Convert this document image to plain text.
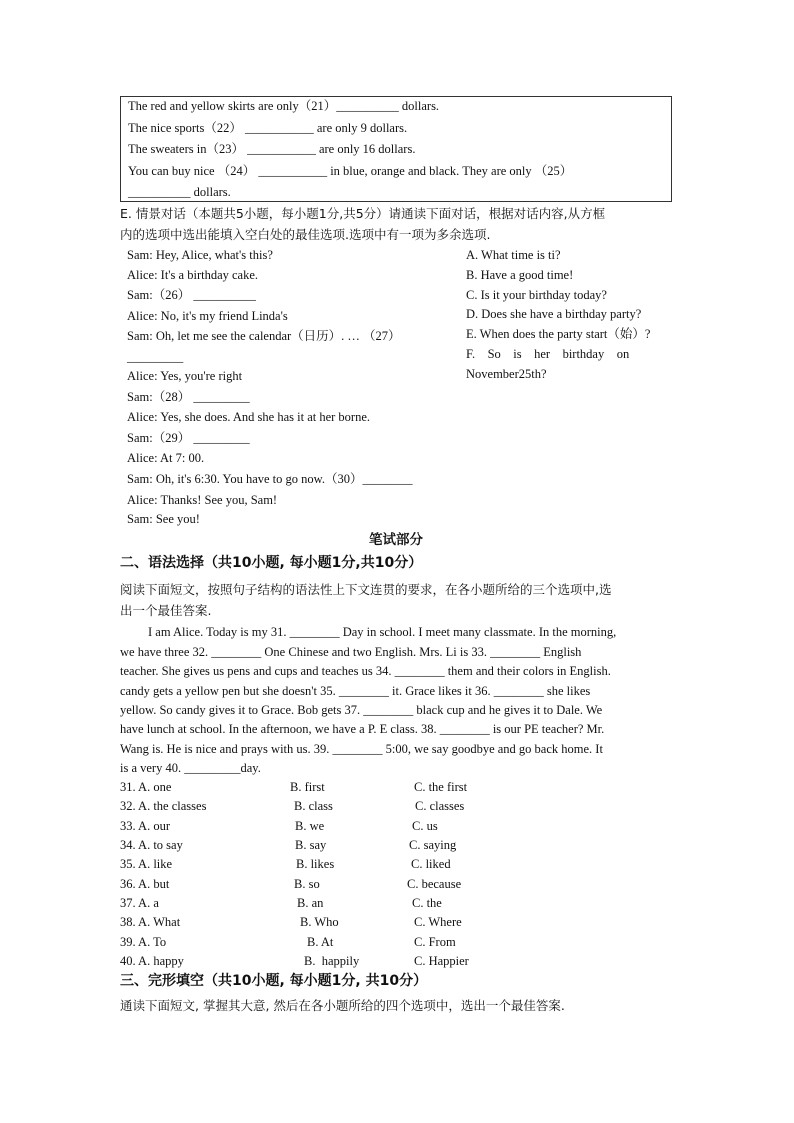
The red and yellow skirts are only（21）__________ dollars.
The nice sports（22） ___________ are only 9 dollars.
The sweaters in（23） ___________ are only 16 dollars.
You can buy nice （24） ___________ in blue, orange and black. They are only （25）
__________ dollars.
E. 情景对话（本题共5小题，每小题1分,共5分）请通读下面对话，根据对话内容,从方框
内的选项中选出能填入空白处的最佳选项.选项中有一项为多余选项.
Sam: Hey, Alice, what's this?
Alice: It's a birthday cake.
Sam:（26） __________
Alice: No, it's my friend Linda's
Sam: Oh, let me see the calendar（日历）. … （27）
_________
Alice: Yes, you're right
Sam:（28） _________
Alice: Yes, she does. And she has it at her borne.
Sam:（29） _________
Alice: At 7: 00.
Sam: Oh, it's 6:30. You have to go now.（30）________
Alice: Thanks! See you, Sam!
Sam: See you!
A. What time is ti?
B. Have a good time!
C. Is it your birthday today?
D. Does she have a birthday party?
E. When does the party start（始）?
F.    So    is    her    birthday    on
November25th?
笔试部分
二、语法选择（共10小题, 每小题1分,共10分）
阅读下面短文，按照句子结构的语法性上下文连贯的要求，在各小题所给的三个选项中,选
出一个最佳答案.
I am Alice. Today is my 31. ________ Day in school. I meet many classmate. In the morning,
we have three 32. ________ One Chinese and two English. Mrs. Li is 33. ________ English
teacher. She gives us pens and cups and teaches us 34. ________ them and their colors in English.
candy gets a yellow pen but she doesn't 35. ________ it. Grace likes it 36. ________ she likes
yellow. So candy gives it to Grace. Bob gets 37. ________ black cup and he gives it to Dale. We
have lunch at school. In the afternoon, we have a P. E class. 38. ________ is our PE teacher? Mr.
Wang is. He is nice and prays with us. 39. ________ 5:00, we say goodbye and go back home. It
is a very 40. _________day.
31. A. one	B. first	C. the first
32. A. the classes	B. class	C. classes
33. A. our	B. we	C. us
34. A. to say	B. say	C. saying
35. A. like	B. likes	C. liked
36. A. but	B. so	C. because
37. A. a	B. an	C. the
38. A. What	B. Who	C. Where
39. A. To	B. At	C. From
40. A. happy	B.  happily	C. Happier
三、完形填空（共10小题, 每小题1分, 共10分）
通读下面短文, 掌握其大意, 然后在各小题所给的四个选项中，选出一个最佳答案.
